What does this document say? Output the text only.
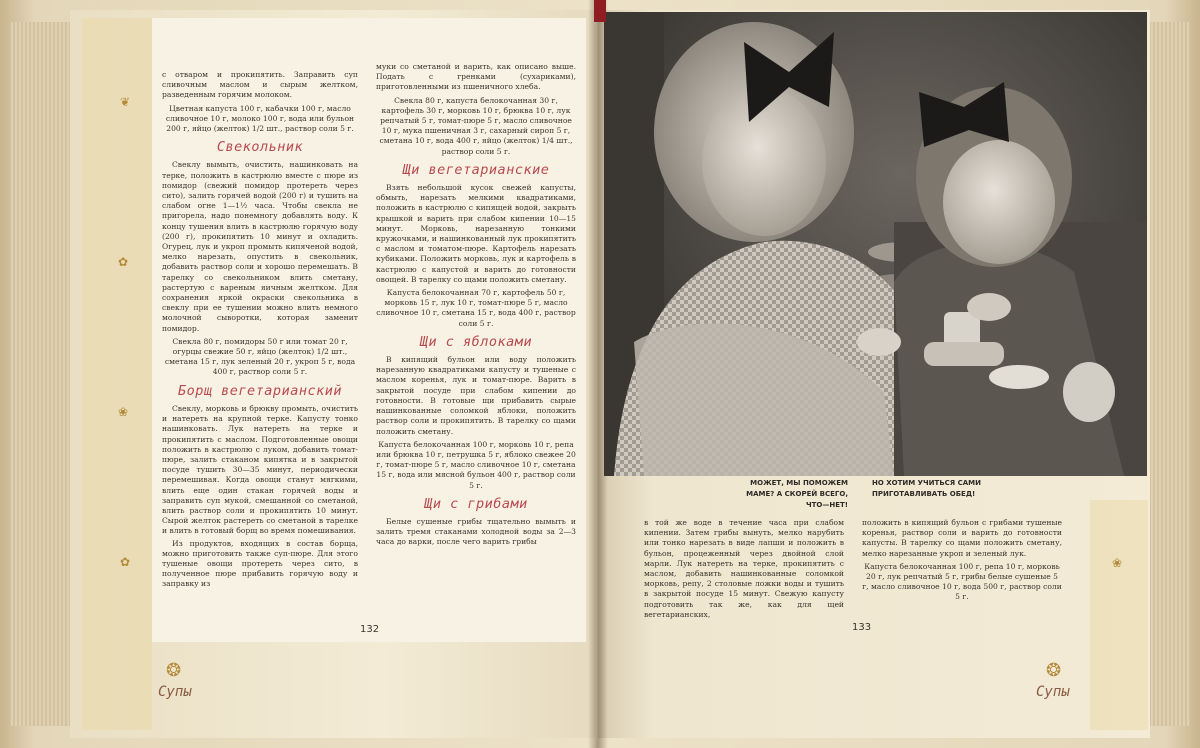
с отваром и прокипятить. Заправить суп сливочным маслом и сырым желтком, разведенным горячим молоком.

Цветная капуста 100 г, кабачки 100 г, масло сливочное 10 г, молоко 100 г, вода или бульон 200 г, яйцо (желток) 1/2 шт., раствор соли 5 г.

Свекольник

Свеклу вымыть, очистить, нашинковать на терке, положить в кастрюлю вместе с пюре из помидор (свежий помидор протереть через сито), залить горячей водой (200 г) и тушить на слабом огне 1—1½ часа. Чтобы свекла не пригорела, надо понемногу добавлять воду. К концу тушения влить в кастрюлю горячую воду (200 г), прокипятить 10 минут и охладить. Огурец, лук и укроп промыть кипяченой водой, мелко нарезать, опустить в свекольник, добавить раствор соли и хорошо перемешать. В тарелку со свекольником влить сметану, растертую с вареным яичным желтком. Для сохранения яркой окраски свекольника в свеклу при ее тушении можно влить немного молочной сыворотки, которая заменит помидор.

Свекла 80 г, помидоры 50 г или томат 20 г, огурцы свежие 50 г, яйцо (желток) 1/2 шт., сметана 15 г, лук зеленый 20 г, укроп 5 г, вода 400 г, раствор соли 5 г.

Борщ вегетарианский

Свеклу, морковь и брюкву промыть, очистить и натереть на крупной терке. Капусту тонко нашинковать. Лук натереть на терке и прокипятить с маслом. Подготовленные овощи положить в кастрюлю с луком, добавить томат-пюре, залить стаканом кипятка и в закрытой посуде тушить 30—35 минут, периодически перемешивая. Когда овощи станут мягкими, влить еще один стакан горячей воды и заправить суп мукой, смешанной со сметаной, влить раствор соли и прокипятить 10 минут. Сырой желток растереть со сметаной в тарелке и влить в готовый борщ во время помешивания.

Из продуктов, входящих в состав борща, можно приготовить также суп-пюре. Для этого тушеные овощи протереть через сито, в полученное пюре прибавить горячую воду и заправку из

муки со сметаной и варить, как описано выше. Подать с гренками (сухариками), приготовленными из пшеничного хлеба.

Свекла 80 г, капуста белокочанная 30 г, картофель 30 г, морковь 10 г, брюква 10 г, лук репчатый 5 г, томат-пюре 5 г, масло сливочное 10 г, мука пшеничная 3 г, сахарный сироп 5 г, сметана 10 г, вода 400 г, яйцо (желток) 1/4 шт., раствор соли 5 г.

Щи вегетарианские

Взять небольшой кусок свежей капусты, обмыть, нарезать мелкими квадратиками, положить в кастрюлю с кипящей водой, закрыть крышкой и варить при слабом кипении 10—15 минут. Морковь, нарезанную тонкими кружочками, и нашинкованный лук прокипятить с маслом и томатом-пюре. Картофель нарезать кубиками. Положить морковь, лук и картофель в кастрюлю с капустой и варить до готовности овощей. В тарелку со щами положить сметану.

Капуста белокочанная 70 г, картофель 50 г, морковь 15 г, лук 10 г, томат-пюре 5 г, масло сливочное 10 г, сметана 15 г, вода 400 г, раствор соли 5 г.

Щи с яблоками

В кипящий бульон или воду положить нарезанную квадратиками капусту и тушеные с маслом коренья, лук и томат-пюре. Варить в закрытой посуде при слабом кипении до готовности. В готовые щи прибавить сырые нашинкованные соломкой яблоки, положить раствор соли и прокипятить. В тарелку со щами положить сметану.

Капуста белокочанная 100 г, морковь 10 г, репа или брюква 10 г, петрушка 5 г, яблоко свежее 20 г, томат-пюре 5 г, масло сливочное 10 г, сметана 15 г, вода или мясной бульон 400 г, раствор соли 5 г.

Щи с грибами

Белые сушеные грибы тщательно вымыть и залить тремя стаканами холодной воды за 2—3 часа до варки, после чего варить грибы

132
❂
Супы
❦
✿
❀
✿
МОЖЕТ, МЫ ПОМОЖЕМ МАМЕ? А СКОРЕЙ ВСЕГО, ЧТО—НЕТ!
НО ХОТИМ УЧИТЬСЯ САМИ ПРИГОТАВЛИВАТЬ ОБЕД!

в той же воде в течение часа при слабом кипении. Затем грибы вынуть, мелко нарубить или тонко нарезать в виде лапши и положить в бульон, процеженный через двойной слой марли. Лук натереть на терке, прокипятить с маслом, добавить нашинкованные соломкой морковь, репу, 2 столовые ложки воды и тушить в закрытой посуде 15 минут. Свежую капусту подготовить так же, как для щей вегетарианских,

положить в кипящий бульон с грибами тушеные коренья, раствор соли и варить до готовности капусты. В тарелку со щами положить сметану, мелко нарезанные укроп и зеленый лук.

Капуста белокочанная 100 г, репа 10 г, морковь 20 г, лук репчатый 5 г, грибы белые сушеные 5 г, масло сливочное 10 г, вода 500 г, раствор соли 5 г.

133
❀
❂
Супы
